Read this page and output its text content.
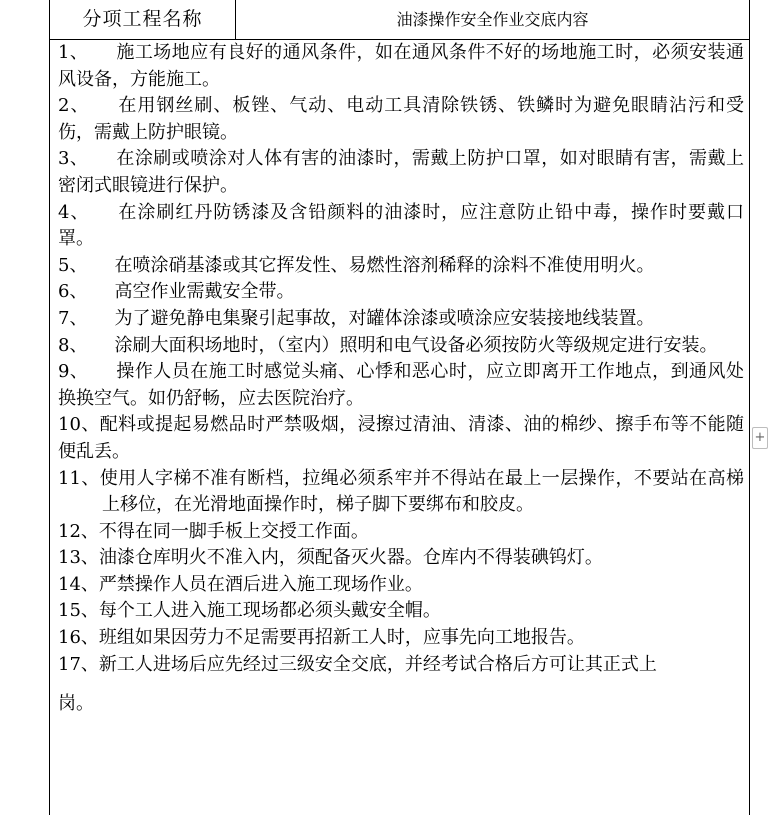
分项工程名称	油漆操作安全作业交底内容

1、　　施工场地应有良好的通风条件，如在通风条件不好的场地施工时，必须安装通风设备，方能施工。

2、　　在用钢丝刷、板锉、气动、电动工具清除铁锈、铁鳞时为避免眼睛沾污和受伤，需戴上防护眼镜。

3、　　在涂刷或喷涂对人体有害的油漆时，需戴上防护口罩，如对眼睛有害，需戴上密闭式眼镜进行保护。

4、　　在涂刷红丹防锈漆及含铅颜料的油漆时，应注意防止铅中毒，操作时要戴口罩。

5、　　在喷涂硝基漆或其它挥发性、易燃性溶剂稀释的涂料不准使用明火。

6、　　高空作业需戴安全带。

7、　　为了避免静电集聚引起事故，对罐体涂漆或喷涂应安装接地线装置。

8、　　涂刷大面积场地时，（室内）照明和电气设备必须按防火等级规定进行安装。

9、　　操作人员在施工时感觉头痛、心悸和恶心时，应立即离开工作地点，到通风处换换空气。如仍舒畅，应去医院治疗。

10、配料或提起易燃品时严禁吸烟，浸擦过清油、清漆、油的棉纱、擦手布等不能随便乱丢。

11、使用人字梯不准有断档，拉绳必须系牢并不得站在最上一层操作，不要站在高梯上移位，在光滑地面操作时，梯子脚下要绑布和胶皮。

12、不得在同一脚手板上交授工作面。

13、油漆仓库明火不准入内，须配备灭火器。仓库内不得装碘钨灯。

14、严禁操作人员在酒后进入施工现场作业。

15、每个工人进入施工现场都必须头戴安全帽。

16、班组如果因劳力不足需要再招新工人时，应事先向工地报告。

17、新工人进场后应先经过三级安全交底，并经考试合格后方可让其正式上

岗。

+
